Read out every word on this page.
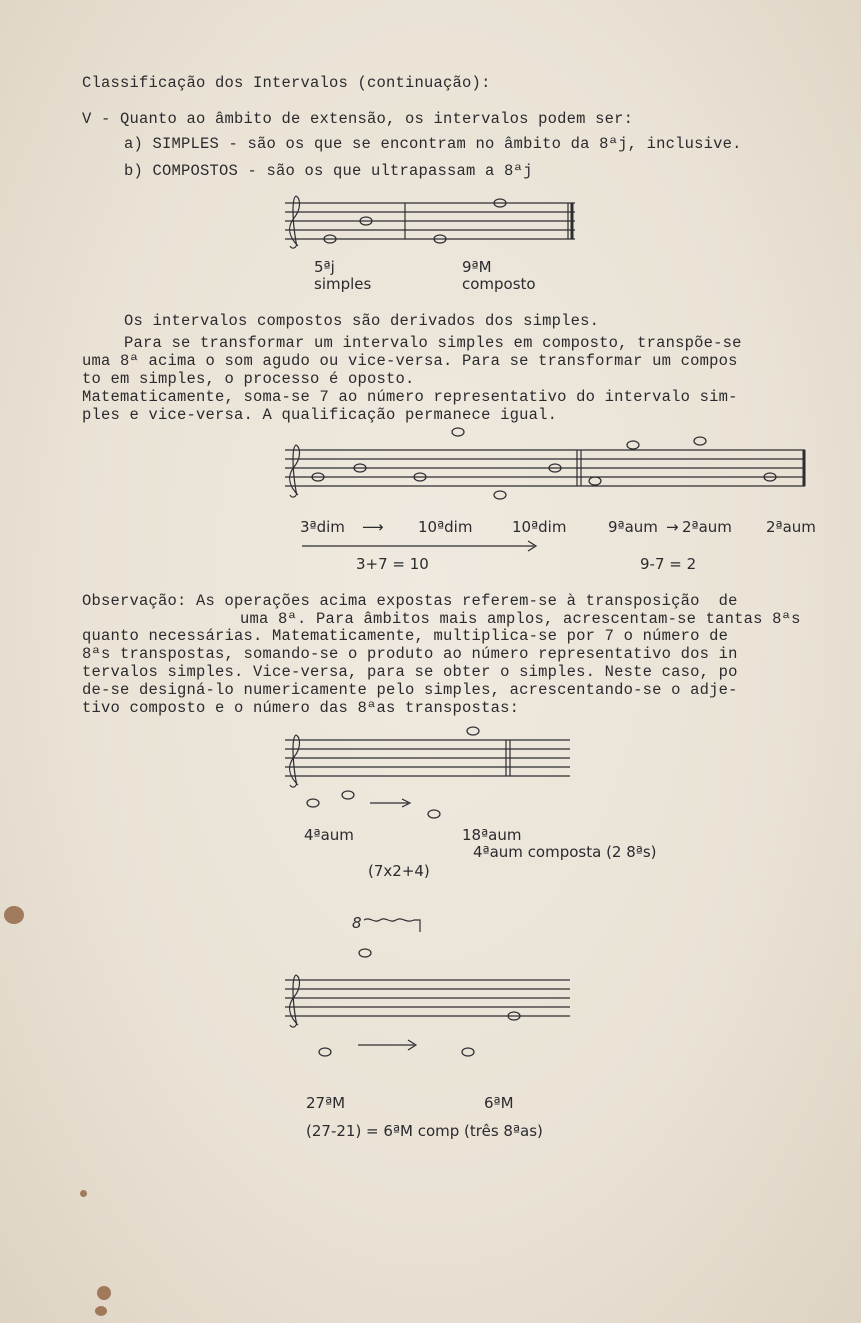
Classificação dos Intervalos (continuação):
V - Quanto ao âmbito de extensão, os intervalos podem ser:
a) SIMPLES - são os que se encontram no âmbito da 8ªj, inclusive.
b) COMPOSTOS - são os que ultrapassam a 8ªj
5ªj
simples
9ªM
composto
Os intervalos compostos são derivados dos simples.
Para se transformar um intervalo simples em composto, transpõe-se
uma 8ª acima o som agudo ou vice-versa. Para se transformar um compos
to em simples, o processo é oposto.
Matematicamente, soma-se 7 ao número representativo do intervalo sim-
ples e vice-versa. A qualificação permanece igual.
3ªdim ⟶ 10ªdim	10ªdim	9ªaum → 2ªaum 2ªaum
3+7 = 10	9-7 = 2
Observação: As operações acima expostas referem-se à transposição  de
uma 8ª. Para âmbitos mais amplos, acrescentam-se tantas 8ªs
quanto necessárias. Matematicamente, multiplica-se por 7 o número de
8ªs transpostas, somando-se o produto ao número representativo dos in
tervalos simples. Vice-versa, para se obter o simples. Neste caso, po
de-se designá-lo numericamente pelo simples, acrescentando-se o adje-
tivo composto e o número das 8ªas transpostas:
4ªaum	18ªaum
4ªaum composta (2 8ªs)
(7x2+4)
8
27ªM	6ªM
(27-21) = 6ªM comp (três 8ªas)
